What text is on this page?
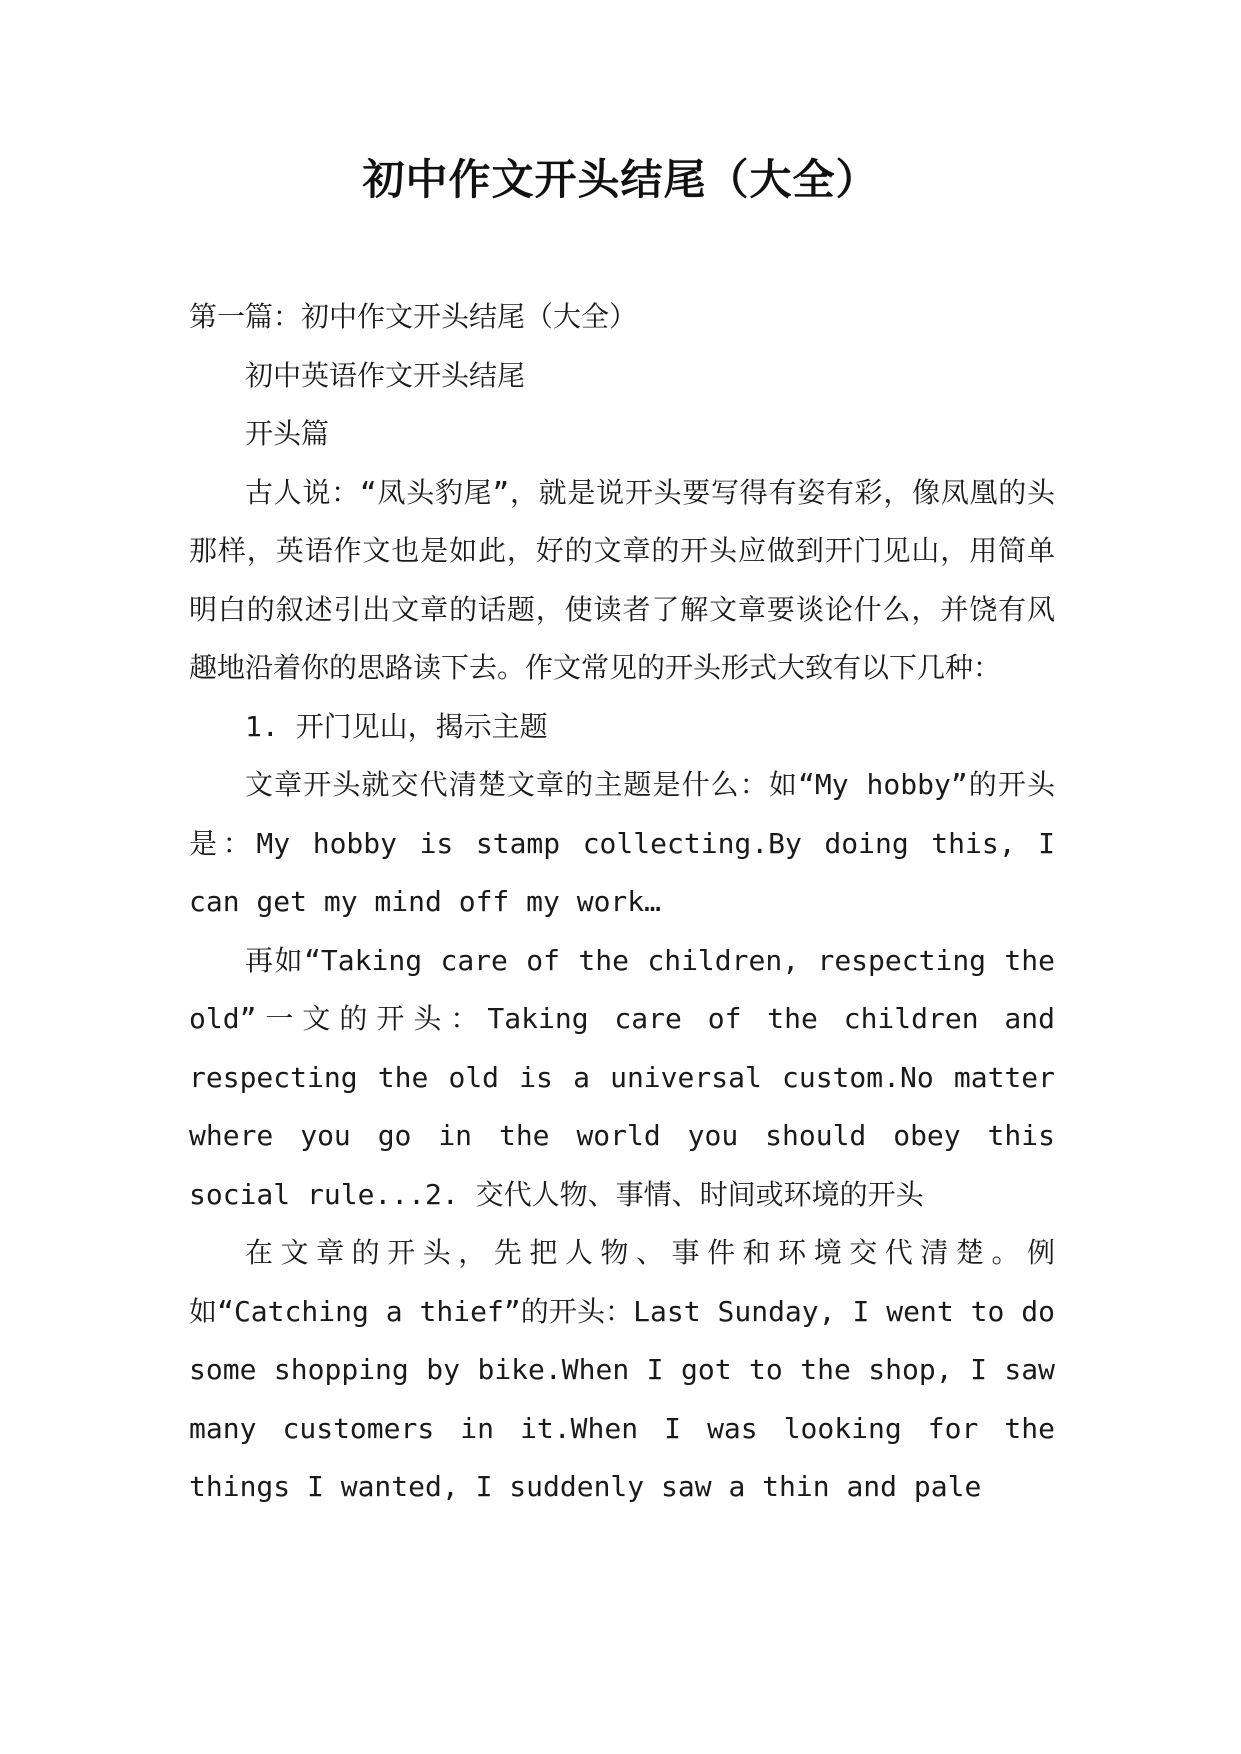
初中作文开头结尾（大全）

第一篇：初中作文开头结尾（大全）

初中英语作文开头结尾

开头篇

古人说：“凤头豹尾”，就是说开头要写得有姿有彩，像凤凰的头那样，英语作文也是如此，好的文章的开头应做到开门见山，用简单明白的叙述引出文章的话题，使读者了解文章要谈论什么，并饶有风趣地沿着你的思路读下去。作文常见的开头形式大致有以下几种：

1. 开门见山，揭示主题

文章开头就交代清楚文章的主题是什么：如“My hobby”的开头是：My hobby is stamp collecting.By doing this, I can get my mind off my work…

再如“Taking care of the children, respecting the old”一文的开头：Taking care of the children and respecting the old is a universal custom.No matter where you go in the world you should obey this social rule...2. 交代人物、事情、时间或环境的开头

在文章的开头，先把人物、事件和环境交代清楚。例如“Catching a thief”的开头：Last Sunday, I went to do some shopping by bike.When I got to the shop, I saw many customers in it.When I was looking for the things I wanted, I suddenly saw a thin and pale
